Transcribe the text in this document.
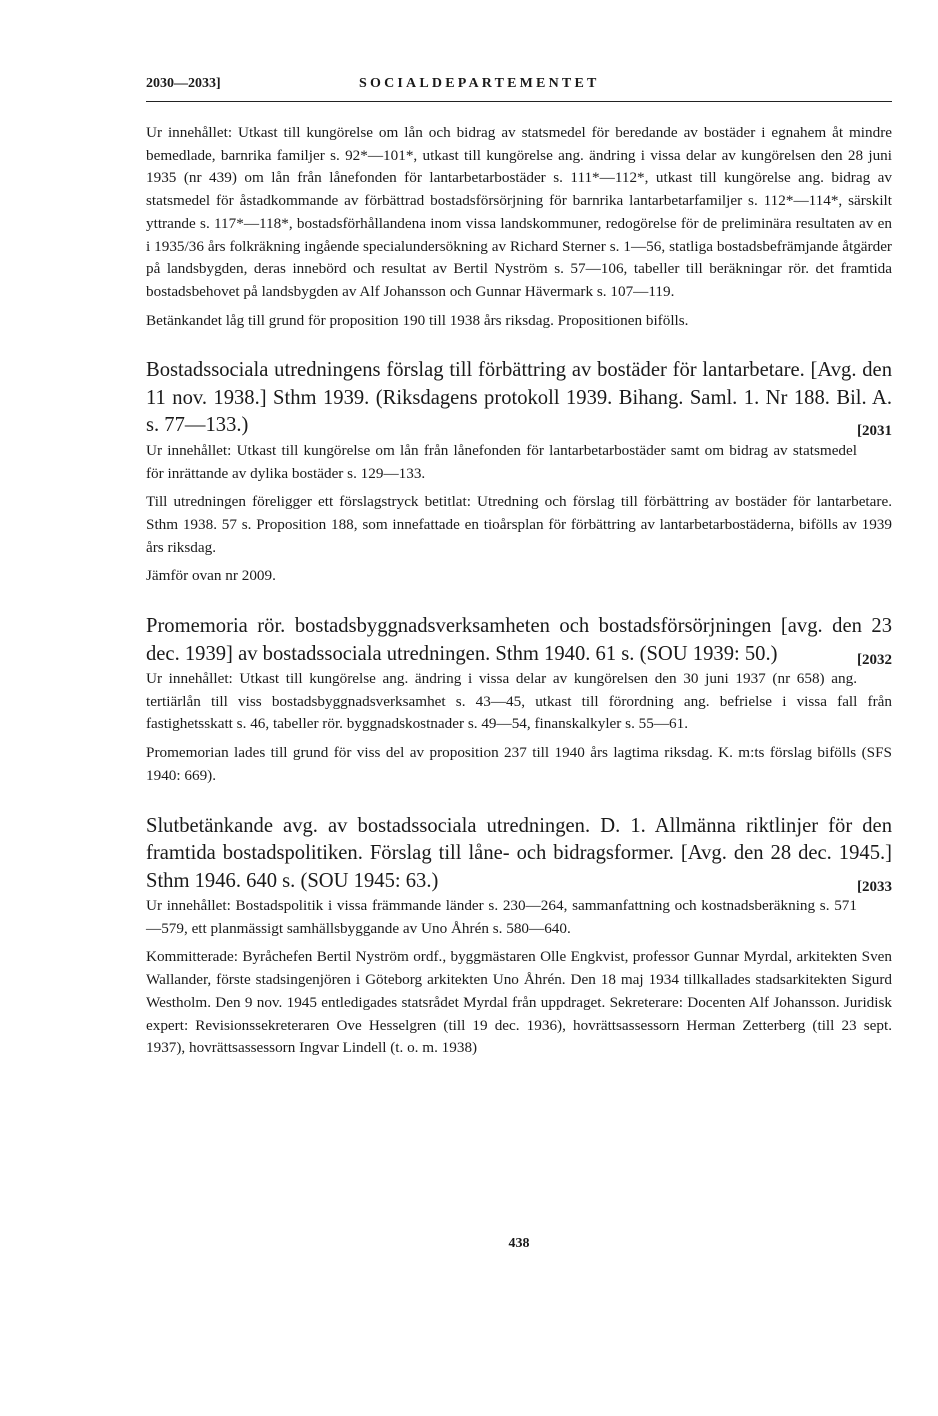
2030—2033]	SOCIALDEPARTEMENTET

Ur innehållet: Utkast till kungörelse om lån och bidrag av statsmedel för beredande av bostäder i egnahem åt mindre bemedlade, barnrika familjer s. 92*—101*, utkast till kungörelse ang. ändring i vissa delar av kungörelsen den 28 juni 1935 (nr 439) om lån från lånefonden för lantarbetarbostäder s. 111*—112*, utkast till kungörelse ang. bidrag av statsmedel för åstadkommande av förbättrad bostadsförsörjning för barnrika lantarbetarfamiljer s. 112*—114*, särskilt yttrande s. 117*—118*, bostadsförhållandena inom vissa landskommuner, redogörelse för de preliminära resultaten av en i 1935/36 års folkräkning ingående specialundersökning av Richard Sterner s. 1—56, statliga bostadsbefrämjande åtgärder på landsbygden, deras innebörd och resultat av Bertil Nyström s. 57—106, tabeller till beräkningar rör. det framtida bostadsbehovet på landsbygden av Alf Johansson och Gunnar Hävermark s. 107—119.

Betänkandet låg till grund för proposition 190 till 1938 års riksdag. Propositionen bifölls.

Bostadssociala utredningens förslag till förbättring av bostäder för lantarbetare. [Avg. den 11 nov. 1938.] Sthm 1939. (Riksdagens protokoll 1939. Bihang. Saml. 1. Nr 188. Bil. A. s. 77—133.)	[2031

Ur innehållet: Utkast till kungörelse om lån från lånefonden för lantarbetarbostäder samt om bidrag av statsmedel för inrättande av dylika bostäder s. 129—133.

Till utredningen föreligger ett förslagstryck betitlat: Utredning och förslag till förbättring av bostäder för lantarbetare. Sthm 1938. 57 s. Proposition 188, som innefattade en tioårsplan för förbättring av lantarbetarbostäderna, bifölls av 1939 års riksdag.

Jämför ovan nr 2009.

Promemoria rör. bostadsbyggnadsverksamheten och bostadsförsörjningen [avg. den 23 dec. 1939] av bostadssociala utredningen. Sthm 1940. 61 s. (SOU 1939: 50.)	[2032

Ur innehållet: Utkast till kungörelse ang. ändring i vissa delar av kungörelsen den 30 juni 1937 (nr 658) ang. tertiärlån till viss bostadsbyggnadsverksamhet s. 43—45, utkast till förordning ang. befrielse i vissa fall från fastighetsskatt s. 46, tabeller rör. byggnadskostnader s. 49—54, finanskalkyler s. 55—61.

Promemorian lades till grund för viss del av proposition 237 till 1940 års lagtima riksdag. K. m:ts förslag bifölls (SFS 1940: 669).

Slutbetänkande avg. av bostadssociala utredningen. D. 1. Allmänna riktlinjer för den framtida bostadspolitiken. Förslag till låne- och bidragsformer. [Avg. den 28 dec. 1945.] Sthm 1946. 640 s. (SOU 1945: 63.)	[2033

Ur innehållet: Bostadspolitik i vissa främmande länder s. 230—264, sammanfattning och kostnadsberäkning s. 571—579, ett planmässigt samhällsbyggande av Uno Åhrén s. 580—640.

Kommitterade: Byråchefen Bertil Nyström ordf., byggmästaren Olle Engkvist, professor Gunnar Myrdal, arkitekten Sven Wallander, förste stadsingenjören i Göteborg arkitekten Uno Åhrén. Den 18 maj 1934 tillkallades stadsarkitekten Sigurd Westholm. Den 9 nov. 1945 entledigades statsrådet Myrdal från uppdraget. Sekreterare: Docenten Alf Johansson. Juridisk expert: Revisionssekreteraren Ove Hesselgren (till 19 dec. 1936), hovrättsassessorn Herman Zetterberg (till 23 sept. 1937), hovrättsassessorn Ingvar Lindell (t. o. m. 1938)

438
